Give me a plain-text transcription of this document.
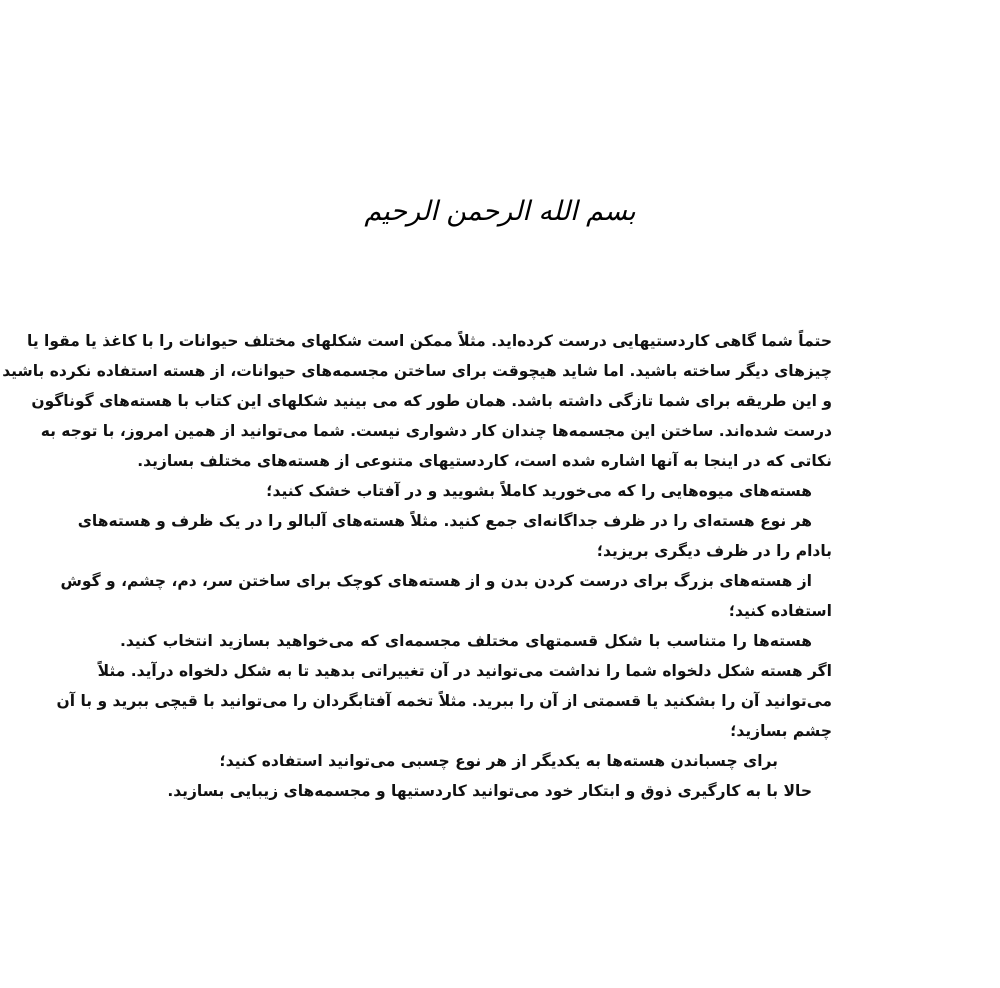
بسم الله الرحمن الرحیم
حتماً شما گاهی کاردستیهایی درست کرده‌اید. مثلاً ممکن است شکلهای مختلف حیوانات را با کاغذ یا مقوا یا
چیزهای دیگر ساخته باشید. اما شاید هیچوقت برای ساختن مجسمه‌های حیوانات، از هسته استفاده نکرده باشید
و این طریقه برای شما تازگی داشته باشد. همان طور که می بینید شکلهای این کتاب با هسته‌های گوناگون
درست شده‌اند. ساختن این مجسمه‌ها چندان کار دشواری نیست. شما می‌توانید از همین امروز، با توجه به
نکاتی که در اینجا به آنها اشاره شده است، کاردستیهای متنوعی از هسته‌های مختلف بسازید.
هسته‌های میوه‌هایی را که می‌خورید کاملاً بشویید و در آفتاب خشک کنید؛
هر نوع هسته‌ای را در ظرف جداگانه‌ای جمع کنید. مثلاً هسته‌های آلبالو را در یک ظرف و هسته‌های
بادام را در ظرف دیگری بریزید؛
از هسته‌های بزرگ برای درست کردن بدن و از هسته‌های کوچک برای ساختن سر، دم، چشم، و گوش
استفاده کنید؛
هسته‌ها را متناسب با شکل قسمتهای مختلف مجسمه‌ای که می‌خواهید بسازید انتخاب کنید.
اگر هسته شکل دلخواه شما را نداشت می‌توانید در آن تغییراتی بدهید تا به شکل دلخواه درآید. مثلاً
می‌توانید آن را بشکنید یا قسمتی از آن را ببرید. مثلاً تخمه آفتابگردان را می‌توانید با قیچی ببرید و با آن
چشم بسازید؛
برای چسباندن هسته‌ها به یکدیگر از هر نوع چسبی می‌توانید استفاده کنید؛
حالا با به کارگیری ذوق و ابتکار خود می‌توانید کاردستیها و مجسمه‌های زیبایی بسازید.
